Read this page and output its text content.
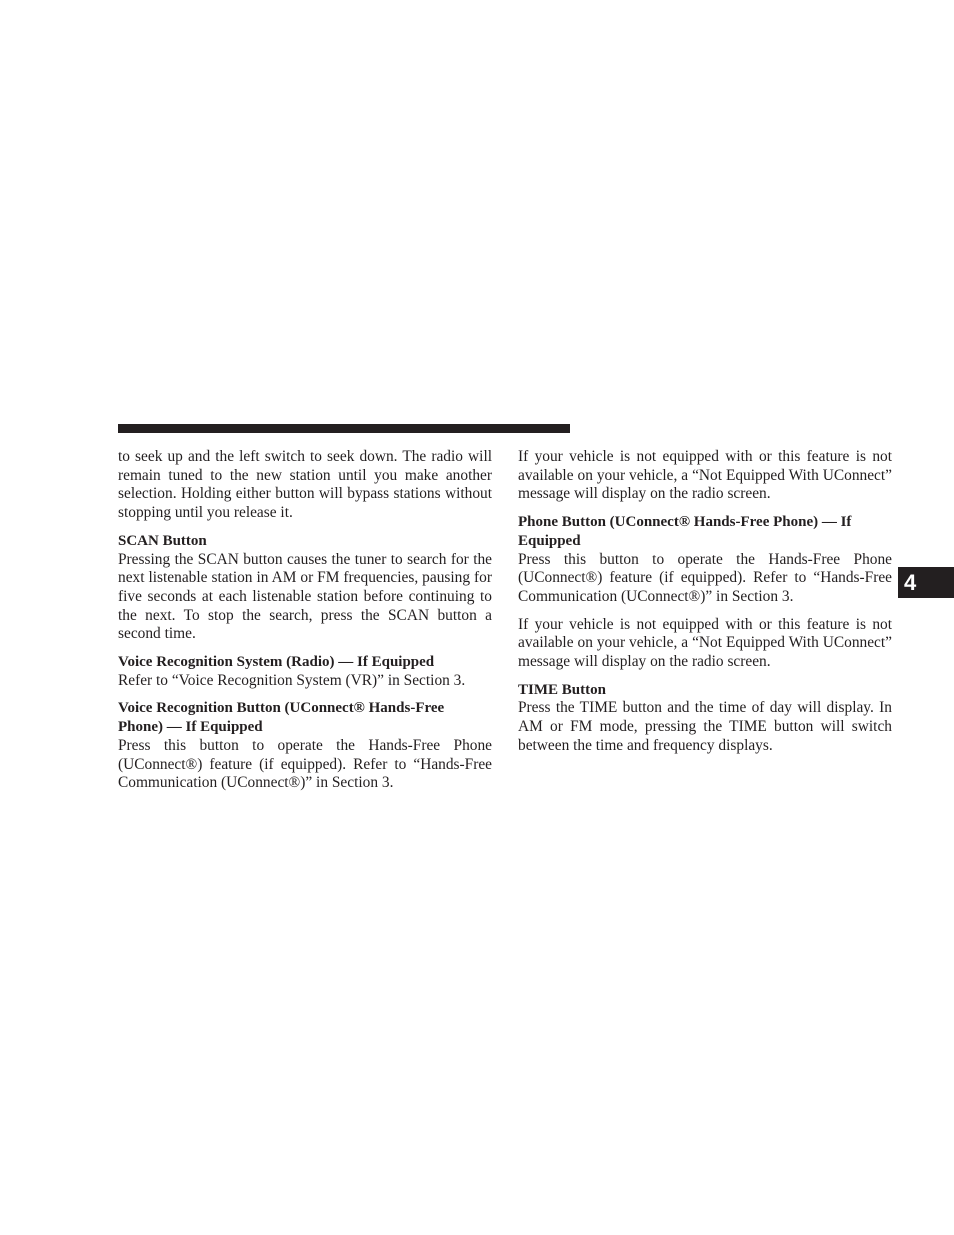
to seek up and the left switch to seek down. The radio will remain tuned to the new station until you make another selection. Holding either button will bypass stations without stopping until you release it.

SCAN Button

Pressing the SCAN button causes the tuner to search for the next listenable station in AM or FM frequencies, pausing for five seconds at each listenable station before continuing to the next. To stop the search, press the SCAN button a second time.

Voice Recognition System (Radio) — If Equipped

Refer to “Voice Recognition System (VR)” in Section 3.

Voice Recognition Button (UConnect® Hands-Free Phone) — If Equipped

Press this button to operate the Hands-Free Phone (UConnect®) feature (if equipped). Refer to “Hands-Free Communication (UConnect®)” in Section 3.

If your vehicle is not equipped with or this feature is not available on your vehicle, a “Not Equipped With UConnect” message will display on the radio screen.

Phone Button (UConnect® Hands-Free Phone) — If Equipped

Press this button to operate the Hands-Free Phone (UConnect®) feature (if equipped). Refer to “Hands-Free Communication (UConnect®)” in Section 3.

If your vehicle is not equipped with or this feature is not available on your vehicle, a “Not Equipped With UConnect” message will display on the radio screen.

TIME Button

Press the TIME button and the time of day will display. In AM or FM mode, pressing the TIME button will switch between the time and frequency displays.

4
